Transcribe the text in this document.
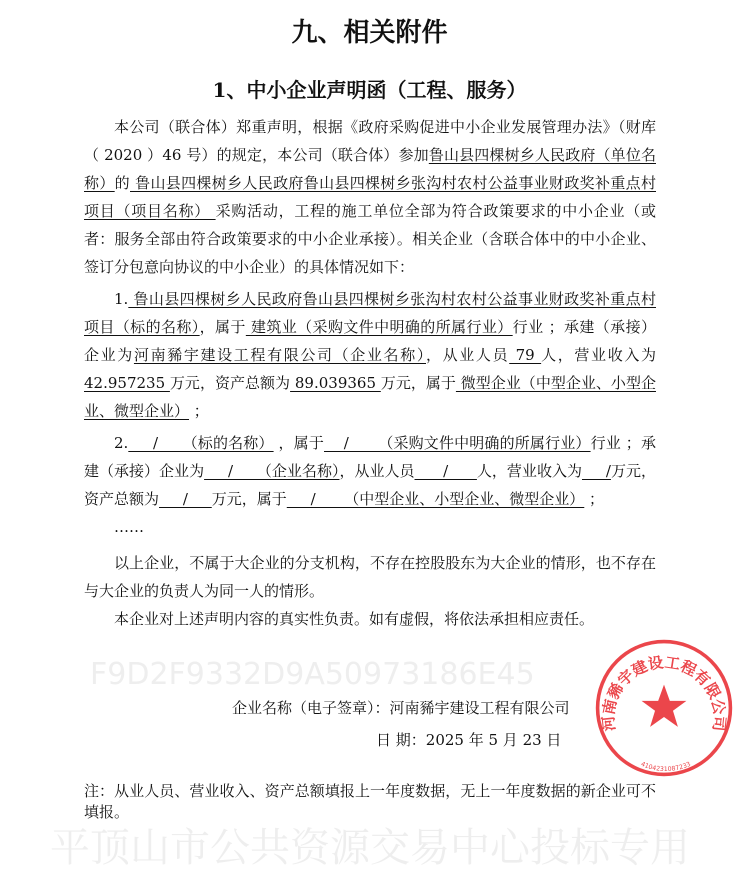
平顶山市公共资源交易中心投标专用
F9D2F9332D9A50973186E45
九、相关附件
1、中小企业声明函（工程、服务）

本公司（联合体）郑重声明，根据《政府采购促进中小企业发展管理办法》（财库（ 2020 ）46 号）的规定，本公司（联合体）参加鲁山县四棵树乡人民政府（单位名称）的 鲁山县四棵树乡人民政府鲁山县四棵树乡张沟村农村公益事业财政奖补重点村项目（项目名称） 采购活动，工程的施工单位全部为符合政策要求的中小企业（或者：服务全部由符合政策要求的中小企业承接）。相关企业（含联合体中的中小企业、签订分包意向协议的中小企业）的具体情况如下：

1. 鲁山县四棵树乡人民政府鲁山县四棵树乡张沟村农村公益事业财政奖补重点村项目（标的名称），属于 建筑业（采购文件中明确的所属行业）行业 ；承建（承接）企业为河南豨宇建设工程有限公司（企业名称），从业人员 79 人，营业收入为42.957235 万元，资产总额为 89.039365 万元，属于 微型企业（中型企业、小型企业、微型企业） ；

2.     /     （标的名称） ，属于    /      （采购文件中明确的所属行业）行业 ；承建（承接）企业为     /     （企业名称），从业人员      /      人，营业收入为     /万元，资产总额为     /     万元，属于     /      （中型企业、小型企业、微型企业） ；

……

以上企业，不属于大企业的分支机构，不存在控股股东为大企业的情形，也不存在与大企业的负责人为同一人的情形。

本企业对上述声明内容的真实性负责。如有虚假，将依法承担相应责任。

企业名称（电子签章）：河南豨宇建设工程有限公司
日 期：2025 年 5 月 23 日
河南豨宇建设工程有限公司
4104231087233
注：从业人员、营业收入、资产总额填报上一年度数据，无上一年度数据的新企业可不填报。
